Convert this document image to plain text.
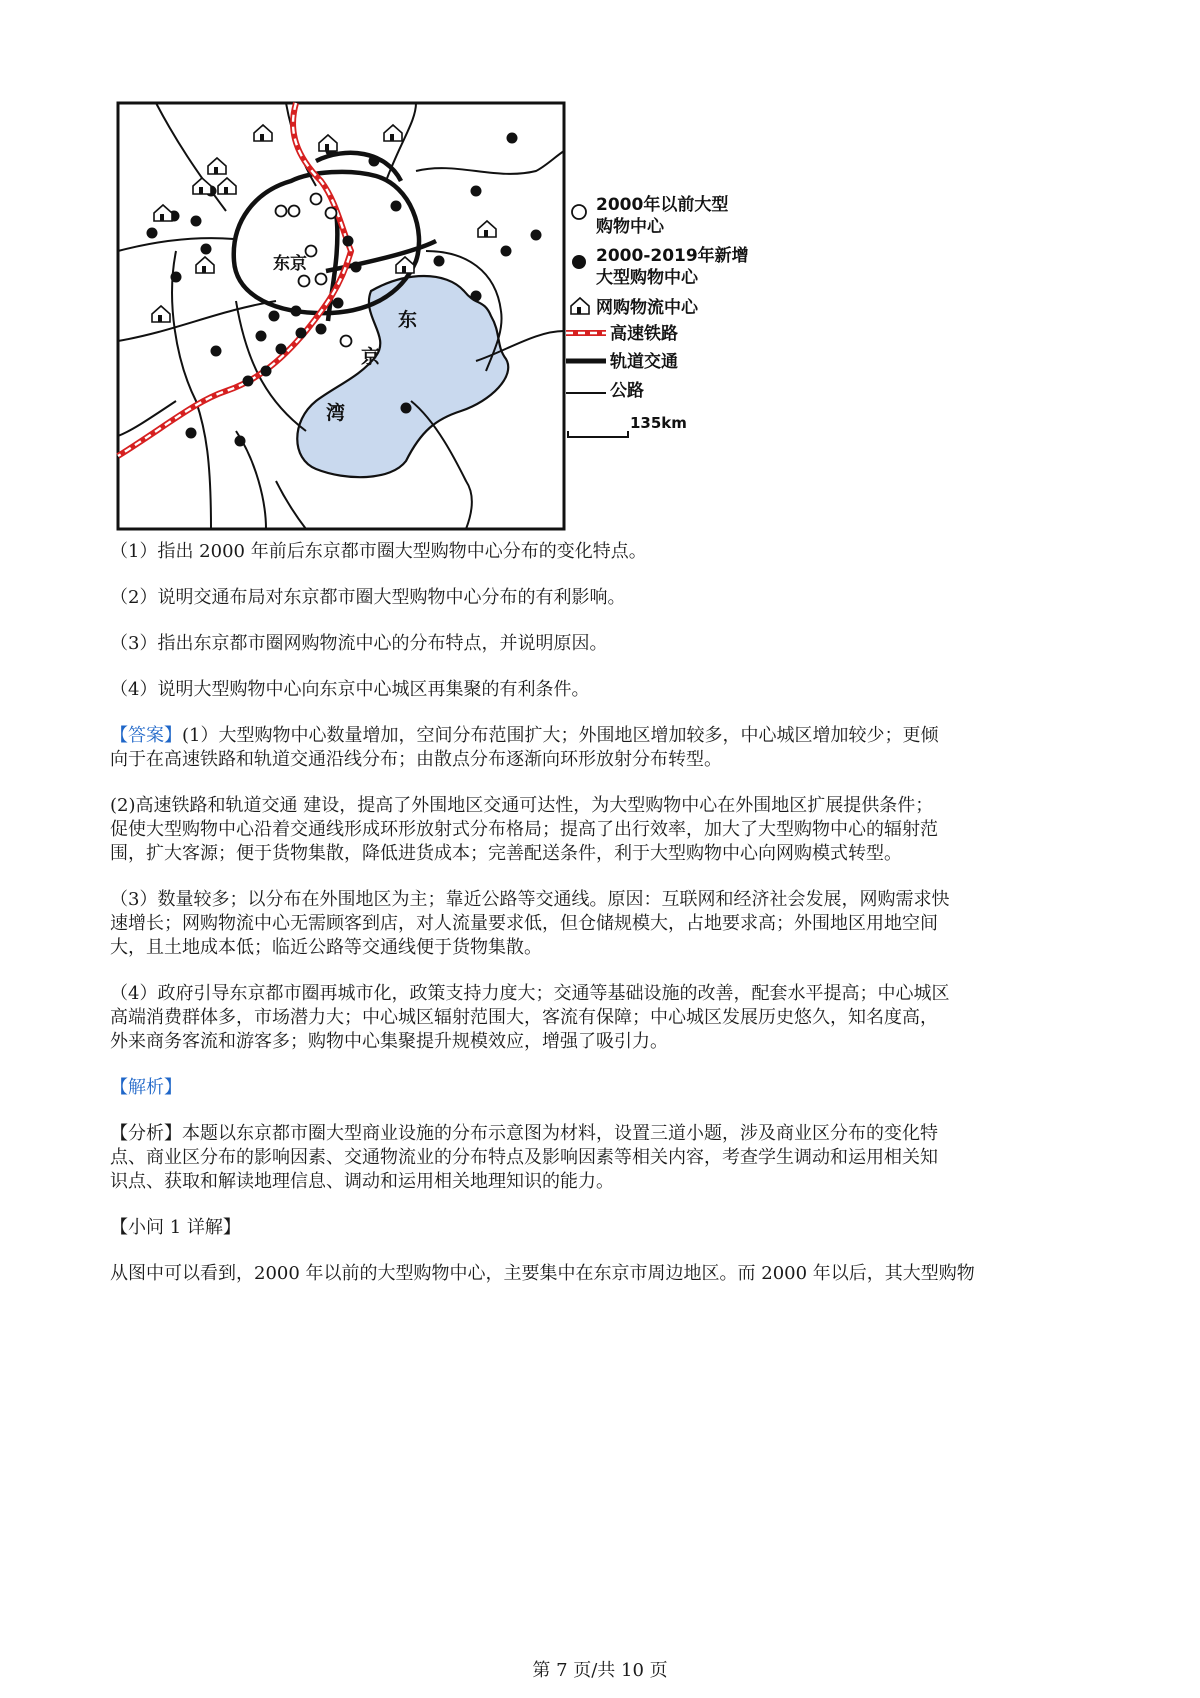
东京
东
京
湾
2000年以前大型
购物中心
2000-2019年新增
大型购物中心
网购物流中心
高速铁路
轨道交通
公路
135km
（1）指出 2000 年前后东京都市圈大型购物中心分布的变化特点。
（2）说明交通布局对东京都市圈大型购物中心分布的有利影响。
（3）指出东京都市圈网购物流中心的分布特点，并说明原因。
（4）说明大型购物中心向东京中心城区再集聚的有利条件。
【答案】(1）大型购物中心数量增加，空间分布范围扩大；外围地区增加较多，中心城区增加较少；更倾
向于在高速铁路和轨道交通沿线分布；由散点分布逐渐向环形放射分布转型。
(2)高速铁路和轨道交通 建设，提高了外围地区交通可达性，为大型购物中心在外围地区扩展提供条件；
促使大型购物中心沿着交通线形成环形放射式分布格局；提高了出行效率，加大了大型购物中心的辐射范
围，扩大客源；便于货物集散，降低进货成本；完善配送条件，利于大型购物中心向网购模式转型。
（3）数量较多；以分布在外围地区为主；靠近公路等交通线。原因：互联网和经济社会发展，网购需求快
速增长；网购物流中心无需顾客到店，对人流量要求低，但仓储规模大，占地要求高；外围地区用地空间
大，且土地成本低；临近公路等交通线便于货物集散。
（4）政府引导东京都市圈再城市化，政策支持力度大；交通等基础设施的改善，配套水平提高；中心城区
高端消费群体多，市场潜力大；中心城区辐射范围大，客流有保障；中心城区发展历史悠久，知名度高，
外来商务客流和游客多；购物中心集聚提升规模效应，增强了吸引力。
【解析】
【分析】本题以东京都市圈大型商业设施的分布示意图为材料，设置三道小题，涉及商业区分布的变化特
点、商业区分布的影响因素、交通物流业的分布特点及影响因素等相关内容，考查学生调动和运用相关知
识点、获取和解读地理信息、调动和运用相关地理知识的能力。
【小问 1 详解】
从图中可以看到，2000 年以前的大型购物中心，主要集中在东京市周边地区。而 2000 年以后，其大型购物
第 7 页/共 10 页
